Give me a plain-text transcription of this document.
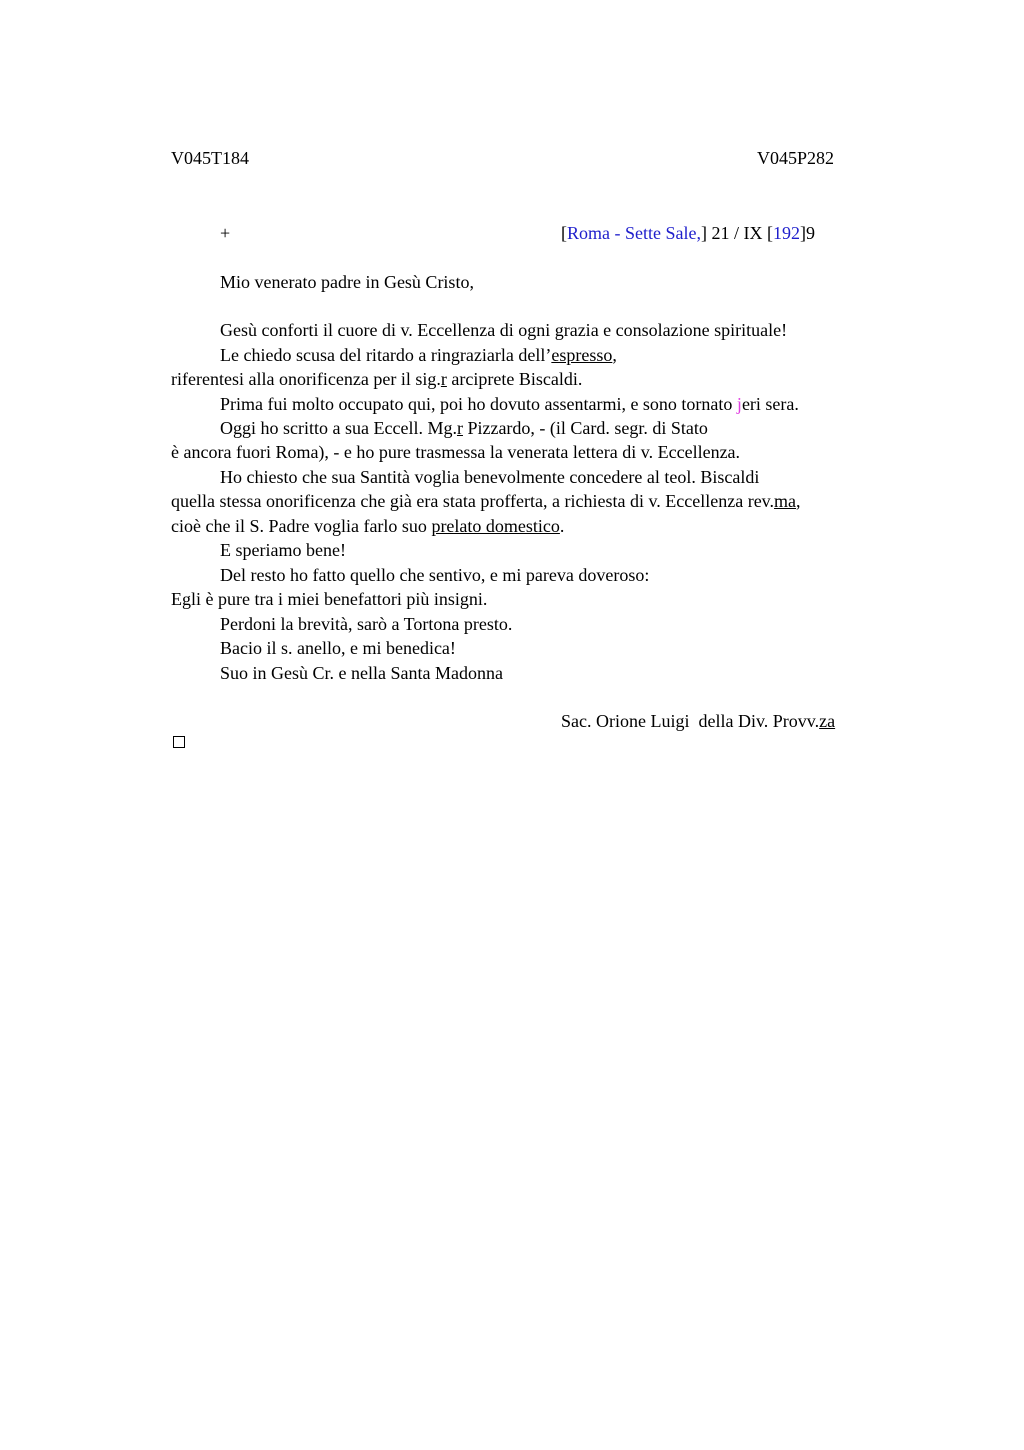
V045T184	V045P282
+	[Roma - Sette Sale,] 21 / IX [192]9
Mio venerato padre in Gesù Cristo,
Gesù conforti il cuore di v. Eccellenza di ogni grazia e consolazione spirituale!
Le chiedo scusa del ritardo a ringraziarla dell’espresso,
riferentesi alla onorificenza per il sig.r arciprete Biscaldi.
Prima fui molto occupato qui, poi ho dovuto assentarmi, e sono tornato jeri sera.
Oggi ho scritto a sua Eccell. Mg.r Pizzardo, - (il Card. segr. di Stato
è ancora fuori Roma), - e ho pure trasmessa la venerata lettera di v. Eccellenza.
Ho chiesto che sua Santità voglia benevolmente concedere al teol. Biscaldi
quella stessa onorificenza che già era stata profferta, a richiesta di v. Eccellenza rev.ma,
cioè che il S. Padre voglia farlo suo prelato domestico.
E speriamo bene!
Del resto ho fatto quello che sentivo, e mi pareva doveroso:
Egli è pure tra i miei benefattori più insigni.
Perdoni la brevità, sarò a Tortona presto.
Bacio il s. anello, e mi benedica!
Suo in Gesù Cr. e nella Santa Madonna
Sac. Orione Luigi  della Div. Provv.za
